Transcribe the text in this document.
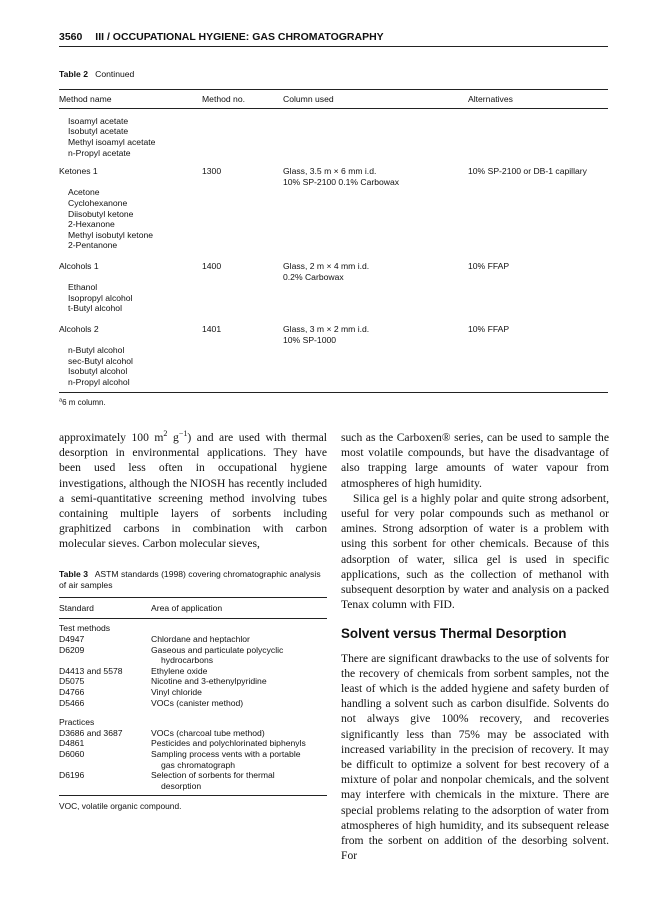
3560 III / OCCUPATIONAL HYGIENE: GAS CHROMATOGRAPHY
Table 2 Continued
Method name	Method no.	Column used	Alternatives
Isoamyl acetate
Isobutyl acetate
Methyl isoamyl acetate
n-Propyl acetate
Ketones 1	1300	Glass, 3.5 m × 6 mm i.d.	10% SP-2100 or DB-1 capillary
10% SP-2100 0.1% Carbowax
Acetone
Cyclohexanone
Diisobutyl ketone
2-Hexanone
Methyl isobutyl ketone
2-Pentanone
Alcohols 1	1400	Glass, 2 m × 4 mm i.d.	10% FFAP
0.2% Carbowax
Ethanol
Isopropyl alcohol
t-Butyl alcohol
Alcohols 2	1401	Glass, 3 m × 2 mm i.d.	10% FFAP
10% SP-1000
n-Butyl alcohol
sec-Butyl alcohol
Isobutyl alcohol
n-Propyl alcohol
$^a$6 m column.

approximately 100 $m^2$ $g^{-1}$) and are used with thermal desorption in environmental applications. They have been used less often in occupational hygiene investigations, although the NIOSH has recently included a semi-quantitative screening method involving tubes containing multiple layers of sorbents including graphitized carbons in combination with carbon molecular sieves. Carbon molecular sieves,

Table 3 ASTM standards (1998) covering chromatographic analysis of air samples
Standard	Area of application
Test methods
D4947	Chlordane and heptachlor
D6209	Gaseous and particulate polycyclic
hydrocarbons
D4413 and 5578	Ethylene oxide
D5075	Nicotine and 3-ethenylpyridine
D4766	Vinyl chloride
D5466	VOCs (canister method)
Practices
D3686 and 3687	VOCs (charcoal tube method)
D4861	Pesticides and polychlorinated biphenyls
D6060	Sampling process vents with a portable
gas chromatograph
D6196	Selection of sorbents for thermal
desorption
VOC, volatile organic compound.

such as the Carboxen® series, can be used to sample the most volatile compounds, but have the disadvantage of also trapping large amounts of water vapour from atmospheres of high humidity.

Silica gel is a highly polar and quite strong adsorbent, useful for very polar compounds such as methanol or amines. Strong adsorption of water is a problem with using this sorbent for other chemicals. Because of this adsorption of water, silica gel is used in specific applications, such as the collection of methanol with subsequent desorption by water and analysis on a packed Tenax column with FID.

Solvent versus Thermal Desorption

There are significant drawbacks to the use of solvents for the recovery of chemicals from sorbent samples, not the least of which is the added hygiene and safety burden of handling a solvent such as carbon disulfide. Solvents do not always give 100% recovery, and recoveries significantly less than 75% may be associated with increased variability in the precision of recovery. It may be difficult to optimize a solvent for best recovery of a mixture of polar and nonpolar chemicals, and the solvent may interfere with chemicals in the mixture. There are special problems relating to the adsorption of water from atmospheres of high humidity, and its subsequent release from the sorbent on addition of the desorbing solvent. For
